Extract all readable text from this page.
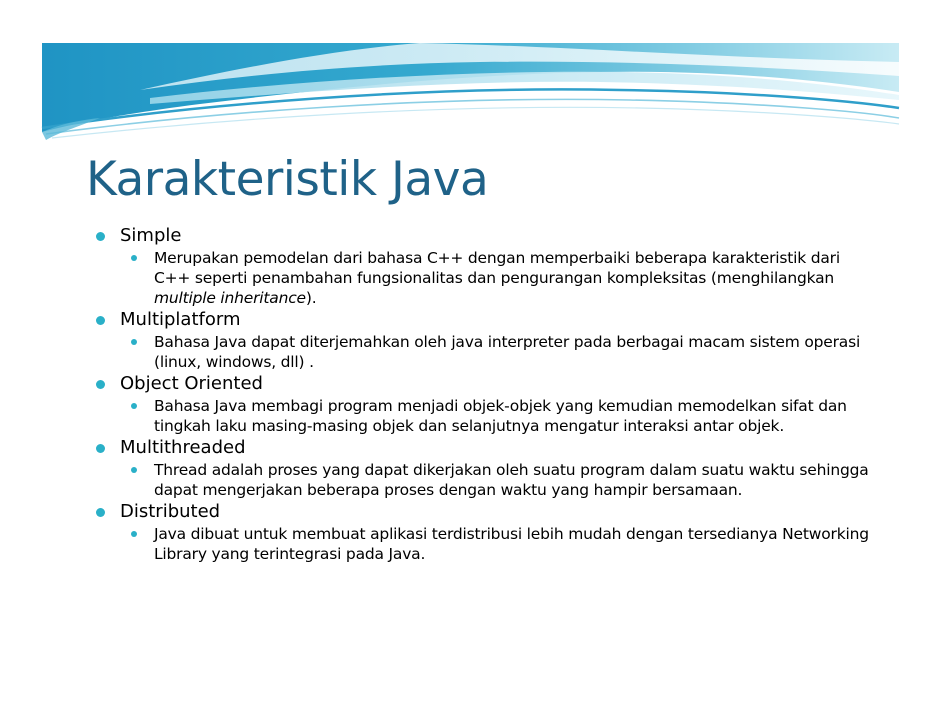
Karakteristik Java
Simple
Merupakan pemodelan dari bahasa C++ dengan memperbaiki beberapa karakteristik dari C++ seperti penambahan fungsionalitas dan pengurangan kompleksitas (menghilangkan multiple inheritance).
Multiplatform
Bahasa Java dapat diterjemahkan oleh java interpreter pada berbagai macam sistem operasi (linux, windows, dll) .
Object Oriented
Bahasa Java membagi program menjadi objek-objek yang kemudian memodelkan sifat dan tingkah laku masing-masing objek dan selanjutnya mengatur interaksi antar objek.
Multithreaded
Thread adalah proses yang dapat dikerjakan oleh suatu program dalam suatu waktu sehingga dapat mengerjakan beberapa proses dengan waktu yang hampir bersamaan.
Distributed
Java dibuat untuk membuat aplikasi terdistribusi lebih mudah dengan tersedianya Networking Library yang terintegrasi pada Java.
